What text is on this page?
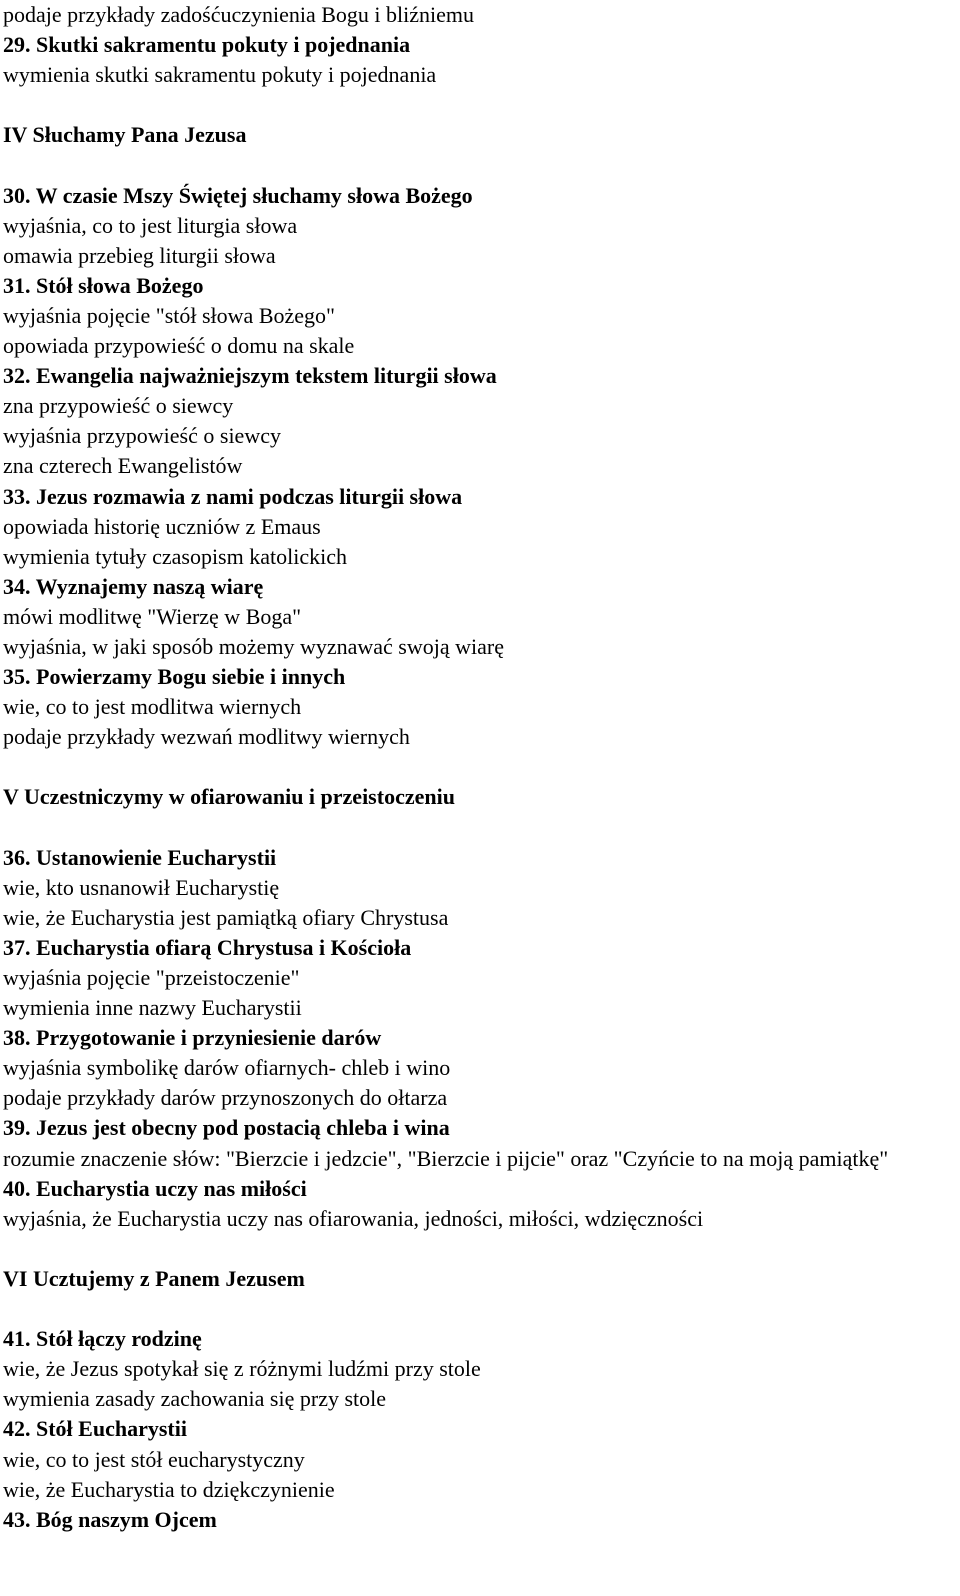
podaje przykłady zadośćuczynienia Bogu i bliźniemu
29. Skutki sakramentu pokuty i pojednania
wymienia skutki sakramentu pokuty i pojednania
IV Słuchamy Pana Jezusa
30. W czasie Mszy Świętej słuchamy słowa Bożego
wyjaśnia, co to jest liturgia słowa
omawia przebieg liturgii słowa
31. Stół słowa Bożego
wyjaśnia pojęcie "stół słowa Bożego"
opowiada przypowieść o domu na skale
32. Ewangelia najważniejszym tekstem liturgii słowa
zna przypowieść o siewcy
wyjaśnia przypowieść o siewcy
zna czterech Ewangelistów
33. Jezus rozmawia z nami podczas liturgii słowa
opowiada historię uczniów z Emaus
wymienia tytuły czasopism katolickich
34. Wyznajemy naszą wiarę
mówi modlitwę "Wierzę w Boga"
wyjaśnia, w jaki sposób możemy wyznawać swoją wiarę
35. Powierzamy Bogu siebie i innych
wie, co to jest modlitwa wiernych
podaje przykłady wezwań modlitwy wiernych
V Uczestniczymy w ofiarowaniu i przeistoczeniu
36. Ustanowienie Eucharystii
wie, kto usnanowił Eucharystię
wie, że Eucharystia jest pamiątką ofiary Chrystusa
37. Eucharystia ofiarą Chrystusa i Kościoła
wyjaśnia pojęcie "przeistoczenie"
wymienia inne nazwy Eucharystii
38. Przygotowanie i przyniesienie darów
wyjaśnia symbolikę darów ofiarnych- chleb i wino
podaje przykłady darów przynoszonych do ołtarza
39. Jezus jest obecny pod postacią chleba i wina
rozumie znaczenie słów: "Bierzcie i jedzcie", "Bierzcie i pijcie" oraz "Czyńcie to na moją pamiątkę"
40. Eucharystia uczy nas miłości
wyjaśnia, że Eucharystia uczy nas ofiarowania, jedności, miłości, wdzięczności
VI Ucztujemy z Panem Jezusem
41. Stół łączy rodzinę
wie, że Jezus spotykał się z różnymi ludźmi przy stole
wymienia zasady zachowania się przy stole
42. Stół Eucharystii
wie, co to jest stół eucharystyczny
wie, że Eucharystia to dziękczynienie
43. Bóg naszym Ojcem
